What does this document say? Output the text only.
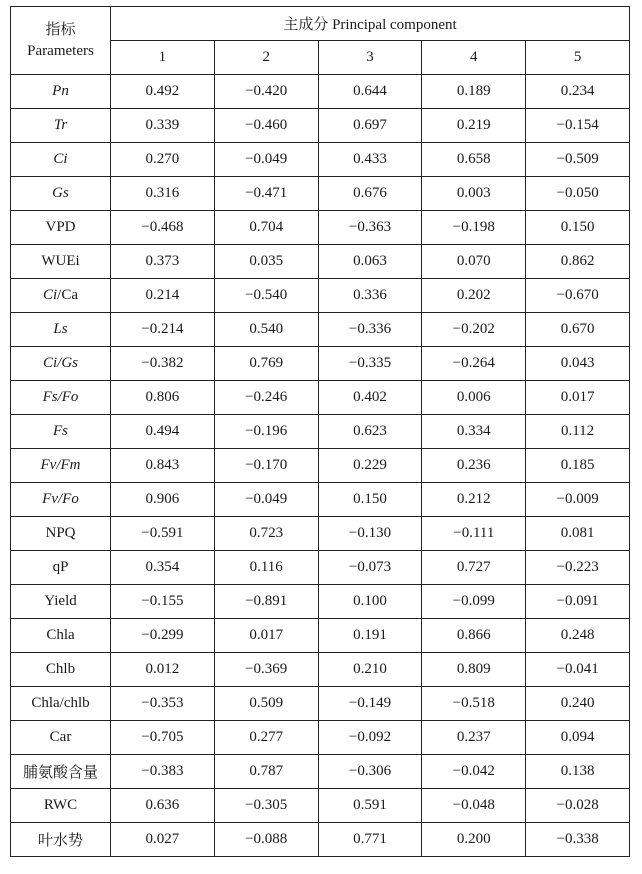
指标
Parameters	主成分 Principal component				
	1	2	3	4	5
Pn	0.492	−0.420	0.644	0.189	0.234
Tr	0.339	−0.460	0.697	0.219	−0.154
Ci	0.270	−0.049	0.433	0.658	−0.509
Gs	0.316	−0.471	0.676	0.003	−0.050
VPD	−0.468	0.704	−0.363	−0.198	0.150
WUEi	0.373	0.035	0.063	0.070	0.862
Ci/Ca	0.214	−0.540	0.336	0.202	−0.670
Ls	−0.214	0.540	−0.336	−0.202	0.670
Ci/Gs	−0.382	0.769	−0.335	−0.264	0.043
Fs/Fo	0.806	−0.246	0.402	0.006	0.017
Fs	0.494	−0.196	0.623	0.334	0.112
Fv/Fm	0.843	−0.170	0.229	0.236	0.185
Fv/Fo	0.906	−0.049	0.150	0.212	−0.009
NPQ	−0.591	0.723	−0.130	−0.111	0.081
qP	0.354	0.116	−0.073	0.727	−0.223
Yield	−0.155	−0.891	0.100	−0.099	−0.091
Chla	−0.299	0.017	0.191	0.866	0.248
Chlb	0.012	−0.369	0.210	0.809	−0.041
Chla/chlb	−0.353	0.509	−0.149	−0.518	0.240
Car	−0.705	0.277	−0.092	0.237	0.094
脯氨酸含量	−0.383	0.787	−0.306	−0.042	0.138
RWC	0.636	−0.305	0.591	−0.048	−0.028
叶水势	0.027	−0.088	0.771	0.200	−0.338
